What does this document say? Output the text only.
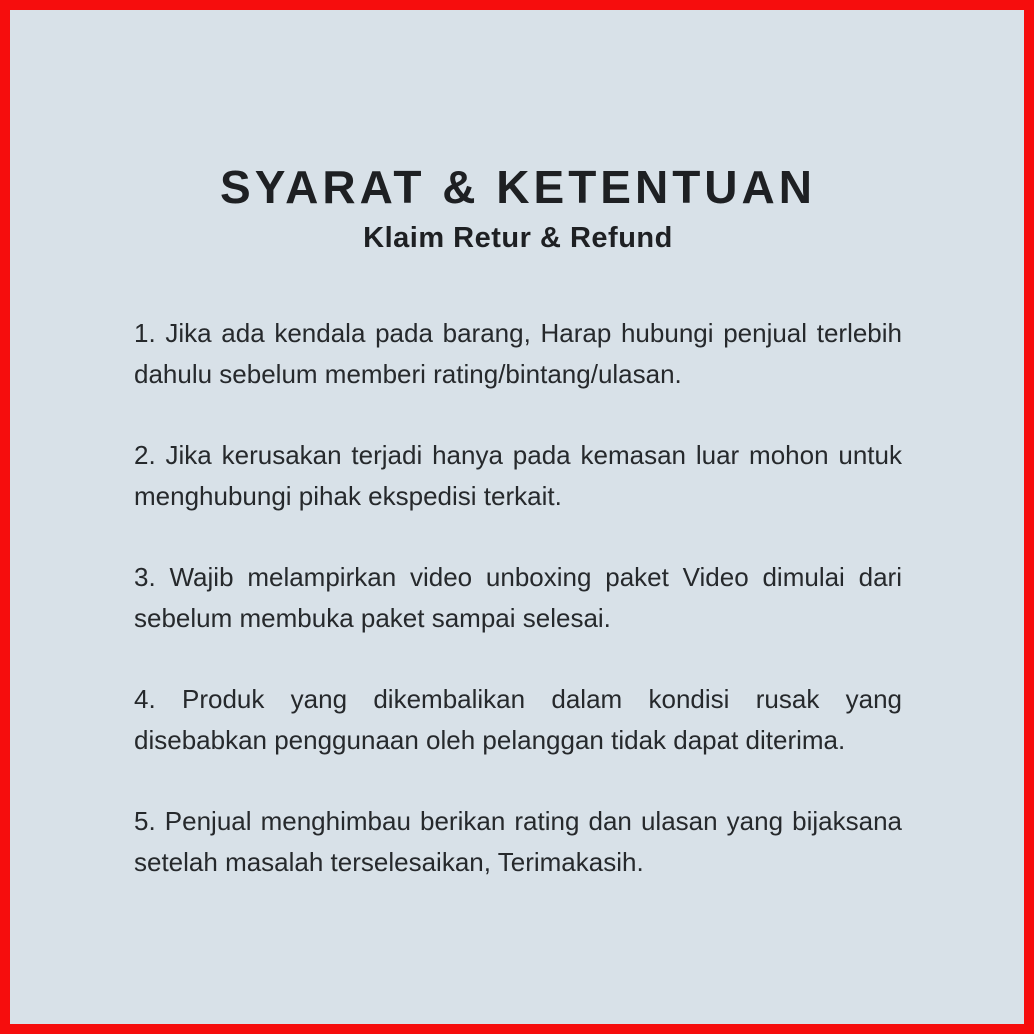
SYARAT & KETENTUAN
Klaim Retur & Refund

1. Jika ada kendala pada barang, Harap hubungi penjual terlebih dahulu sebelum memberi rating/bintang/ulasan.

2. Jika kerusakan terjadi hanya pada kemasan luar mohon untuk menghubungi pihak ekspedisi terkait.

3. Wajib melampirkan video unboxing paket Video dimulai dari sebelum membuka paket sampai selesai.

4. Produk yang dikembalikan dalam kondisi rusak yang disebabkan penggunaan oleh pelanggan tidak dapat diterima.

5. Penjual menghimbau berikan rating dan ulasan yang bijaksana setelah masalah terselesaikan, Terimakasih.
